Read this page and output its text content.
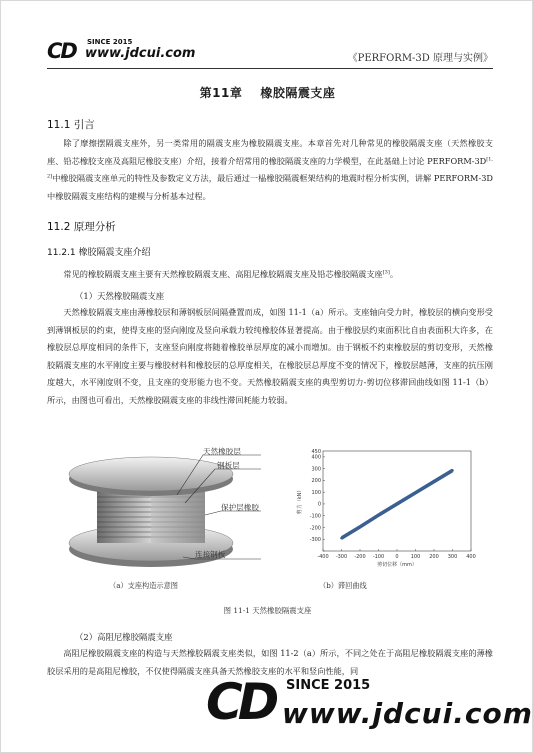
CD SINCE 2015
www.jdcui.com	《PERFORM-3D 原理与实例》
第11章 橡胶隔震支座
11.1 引言

除了摩擦摆隔震支座外，另一类常用的隔震支座为橡胶隔震支座。本章首先对几种常见的橡胶隔震支座（天然橡胶支座、铅芯橡胶支座及高阻尼橡胶支座）介绍，接着介绍常用的橡胶隔震支座的力学模型，在此基础上讨论 PERFORM-3D[1, 2]中橡胶隔震支座单元的特性及参数定义方法，最后通过一榀橡胶隔震框架结构的地震时程分析实例，讲解 PERFORM-3D 中橡胶隔震支座结构的建模与分析基本过程。

11.2 原理分析
11.2.1 橡胶隔震支座介绍

常见的橡胶隔震支座主要有天然橡胶隔震支座、高阻尼橡胶隔震支座及铅芯橡胶隔震支座[3]。

（1）天然橡胶隔震支座

天然橡胶隔震支座由薄橡胶层和薄钢板层间隔叠置而成，如图 11-1（a）所示。支座轴向受力时，橡胶层的横向变形受到薄钢板层的约束，使得支座的竖向刚度及竖向承载力较纯橡胶体显著提高。由于橡胶层约束面积比自由表面积大许多，在橡胶层总厚度相同的条件下，支座竖向刚度将随着橡胶单层厚度的减小而增加。由于钢板不约束橡胶层的剪切变形，天然橡胶隔震支座的水平刚度主要与橡胶材料和橡胶层的总厚度相关，在橡胶层总厚度不变的情况下，橡胶层越薄，支座的抗压刚度越大，水平刚度则不变，且支座的变形能力也不变。天然橡胶隔震支座的典型剪切力-剪切位移滞回曲线如图 11-1（b）所示，由图也可看出，天然橡胶隔震支座的非线性滞回耗能力较弱。

天然橡胶层
钢板层
保护层橡胶
连接钢板	-400 -300 -200 -100 0 100 200 300 400
-300
-200
-100
0
100
200
300
400
450
剪切位移（mm）
剪力（kN）
（a）支座构造示意图	（b）滞回曲线
图 11-1 天然橡胶隔震支座
（2）高阻尼橡胶隔震支座

高阻尼橡胶隔震支座的构造与天然橡胶隔震支座类似，如图 11-2（a）所示，不同之处在于高阻尼橡胶隔震支座的薄橡胶层采用的是高阻尼橡胶，不仅使得隔震支座具备天然橡胶支座的水平和竖向性能，同

CD SINCE 2015
www.jdcui.com
